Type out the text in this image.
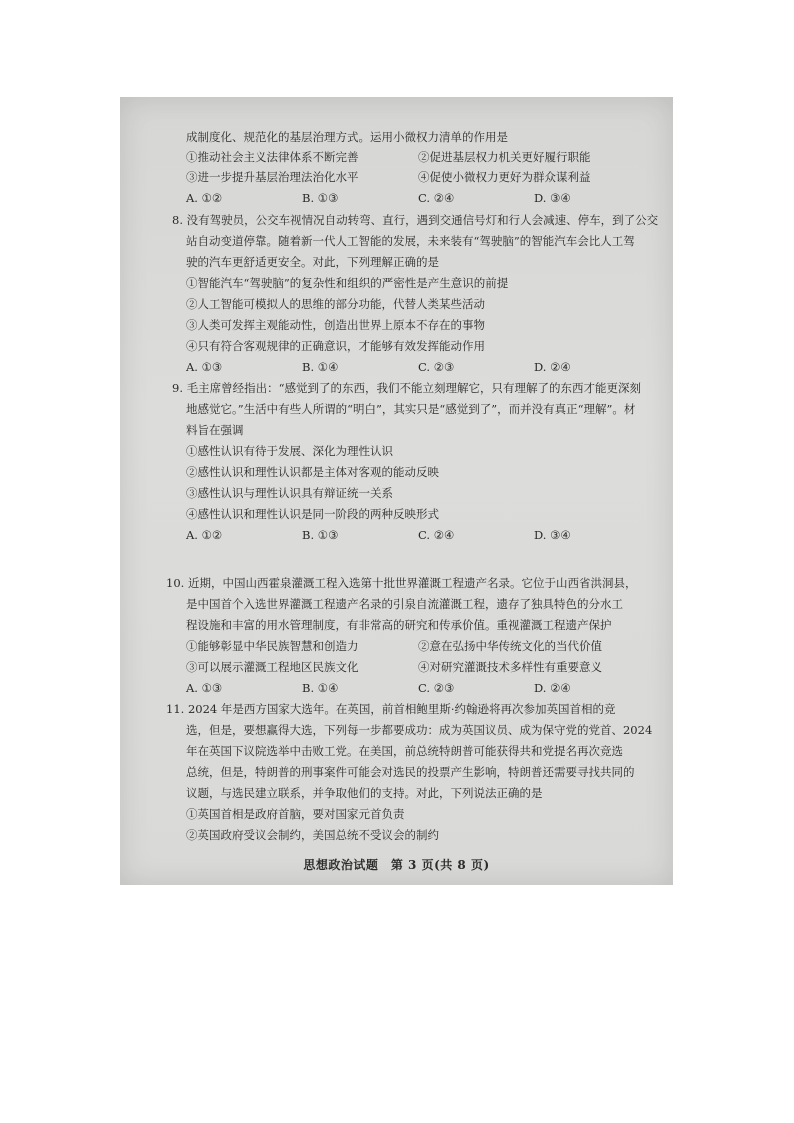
成制度化、规范化的基层治理方式。运用小微权力清单的作用是
①推动社会主义法律体系不断完善	②促进基层权力机关更好履行职能
③进一步提升基层治理法治化水平	④促使小微权力更好为群众谋利益
A. ①②	B. ①③	C. ②④	D. ③④
8. 没有驾驶员，公交车视情况自动转弯、直行，遇到交通信号灯和行人会减速、停车，到了公交
站自动变道停靠。随着新一代人工智能的发展，未来装有“驾驶脑”的智能汽车会比人工驾
驶的汽车更舒适更安全。对此，下列理解正确的是
①智能汽车“驾驶脑”的复杂性和组织的严密性是产生意识的前提
②人工智能可模拟人的思维的部分功能，代替人类某些活动
③人类可发挥主观能动性，创造出世界上原本不存在的事物
④只有符合客观规律的正确意识，才能够有效发挥能动作用
A. ①③	B. ①④	C. ②③	D. ②④
9. 毛主席曾经指出：“感觉到了的东西，我们不能立刻理解它，只有理解了的东西才能更深刻
地感觉它。”生活中有些人所谓的“明白”，其实只是“感觉到了”，而并没有真正“理解”。材
料旨在强调
①感性认识有待于发展、深化为理性认识
②感性认识和理性认识都是主体对客观的能动反映
③感性认识与理性认识具有辩证统一关系
④感性认识和理性认识是同一阶段的两种反映形式
A. ①②	B. ①③	C. ②④	D. ③④
10. 近期，中国山西霍泉灌溉工程入选第十批世界灌溉工程遗产名录。它位于山西省洪洞县，
是中国首个入选世界灌溉工程遗产名录的引泉自流灌溉工程，遗存了独具特色的分水工
程设施和丰富的用水管理制度，有非常高的研究和传承价值。重视灌溉工程遗产保护
①能够彰显中华民族智慧和创造力	②意在弘扬中华传统文化的当代价值
③可以展示灌溉工程地区民族文化	④对研究灌溉技术多样性有重要意义
A. ①③	B. ①④	C. ②③	D. ②④
11. 2024 年是西方国家大选年。在英国，前首相鲍里斯·约翰逊将再次参加英国首相的竞
选，但是，要想赢得大选，下列每一步都要成功：成为英国议员、成为保守党的党首、2024
年在英国下议院选举中击败工党。在美国，前总统特朗普可能获得共和党提名再次竞选
总统，但是，特朗普的刑事案件可能会对选民的投票产生影响，特朗普还需要寻找共同的
议题，与选民建立联系，并争取他们的支持。对此，下列说法正确的是
①英国首相是政府首脑，要对国家元首负责
②英国政府受议会制约，美国总统不受议会的制约
思想政治试题　第 3 页(共 8 页)
